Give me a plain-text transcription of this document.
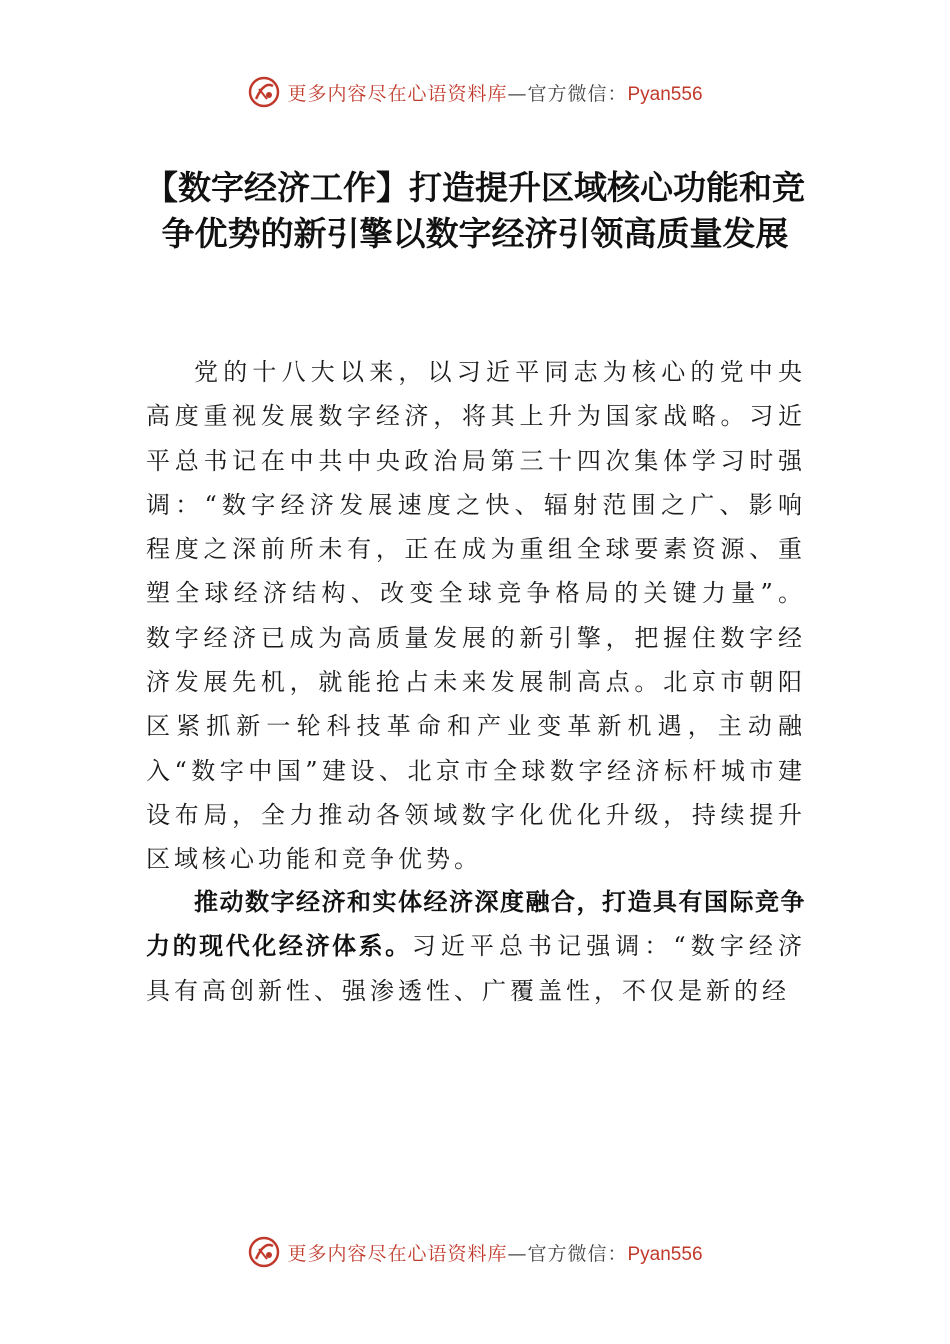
更多内容尽在心语资料库—官方微信：Pyan556
【数字经济工作】打造提升区域核心功能和竞争优势的新引擎以数字经济引领高质量发展

党的十八大以来，以习近平同志为核心的党中央高度重视发展数字经济，将其上升为国家战略。习近平总书记在中共中央政治局第三十四次集体学习时强调：“数字经济发展速度之快、辐射范围之广、影响程度之深前所未有，正在成为重组全球要素资源、重塑全球经济结构、改变全球竞争格局的关键力量”。数字经济已成为高质量发展的新引擎，把握住数字经济发展先机，就能抢占未来发展制高点。北京市朝阳区紧抓新一轮科技革命和产业变革新机遇，主动融入“数字中国”建设、北京市全球数字经济标杆城市建设布局，全力推动各领域数字化优化升级，持续提升区域核心功能和竞争优势。

推动数字经济和实体经济深度融合，打造具有国际竞争力的现代化经济体系。习近平总书记强调：“数字经济具有高创新性、强渗透性、广覆盖性，不仅是新的经

更多内容尽在心语资料库—官方微信：Pyan556
